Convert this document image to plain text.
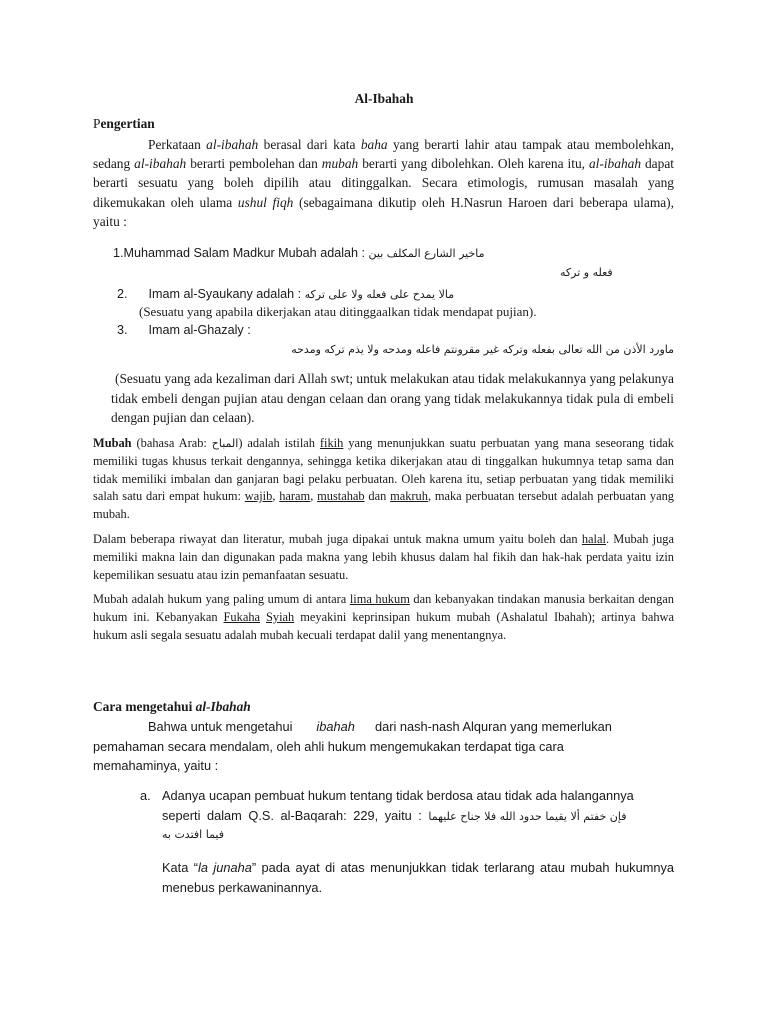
Al-Ibahah
Pengertian

Perkataan al-ibahah berasal dari kata baha yang berarti lahir atau tampak atau membolehkan, sedang al-ibahah berarti pembolehan dan mubah berarti yang dibolehkan. Oleh karena itu, al-ibahah dapat berarti sesuatu yang boleh dipilih atau ditinggalkan. Secara etimologis, rumusan masalah yang dikemukakan oleh ulama ushul fiqh (sebagaimana dikutip oleh H.Nasrun Haroen dari beberapa ulama), yaitu :

1.Muhammad Salam Madkur Mubah adalah : ماخير الشارع المكلف بين
فعله و تركه
2. Imam al-Syaukany adalah : مالا يمدح على فعله ولا على تركه
(Sesuatu yang apabila dikerjakan atau ditinggaalkan tidak mendapat pujian).
3. Imam al-Ghazaly :
ماورد الأذن من الله تعالى بفعله وتركه غير مقرونتم فاعله ومدحه ولا يذم تركه ومدحه

(Sesuatu yang ada kezaliman dari Allah swt; untuk melakukan atau tidak melakukannya yang pelakunya tidak embeli dengan pujian atau dengan celaan dan orang yang tidak melakukannya tidak pula di embeli dengan pujian dan celaan).

Mubah (bahasa Arab: المباح) adalah istilah fikih yang menunjukkan suatu perbuatan yang mana seseorang tidak memiliki tugas khusus terkait dengannya, sehingga ketika dikerjakan atau di tinggalkan hukumnya tetap sama dan tidak memiliki imbalan dan ganjaran bagi pelaku perbuatan. Oleh karena itu, setiap perbuatan yang tidak memiliki salah satu dari empat hukum: wajib, haram, mustahab dan makruh, maka perbuatan tersebut adalah perbuatan yang mubah.

Dalam beberapa riwayat dan literatur, mubah juga dipakai untuk makna umum yaitu boleh dan halal. Mubah juga memiliki makna lain dan digunakan pada makna yang lebih khusus dalam hal fikih dan hak-hak perdata yaitu izin kepemilikan sesuatu atau izin pemanfaatan sesuatu.

Mubah adalah hukum yang paling umum di antara lima hukum dan kebanyakan tindakan manusia berkaitan dengan hukum ini. Kebanyakan Fukaha Syiah meyakini keprinsipan hukum mubah (Ashalatul Ibahah); artinya bahwa hukum asli segala sesuatu adalah mubah kecuali terdapat dalil yang menentangnya.

Cara mengetahui al-Ibahah
Bahwa untuk mengetahui ibahah	dari nash-nash Alquran yang memerlukan pemahaman secara mendalam, oleh ahli hukum mengemukakan terdapat tiga cara memahaminya, yaitu :

a. Adanya ucapan pembuat hukum tentang tidak berdosa atau tidak ada halangannya
seperti dalam Q.S. al-Baqarah: 229, yaitu : فإن خفتم ألا يقيما حدود الله فلا جناح عليهما
فيما افتدت به

Kata “la junaha” pada ayat di atas menunjukkan tidak terlarang atau mubah hukumnya menebus perkawaninannya.
